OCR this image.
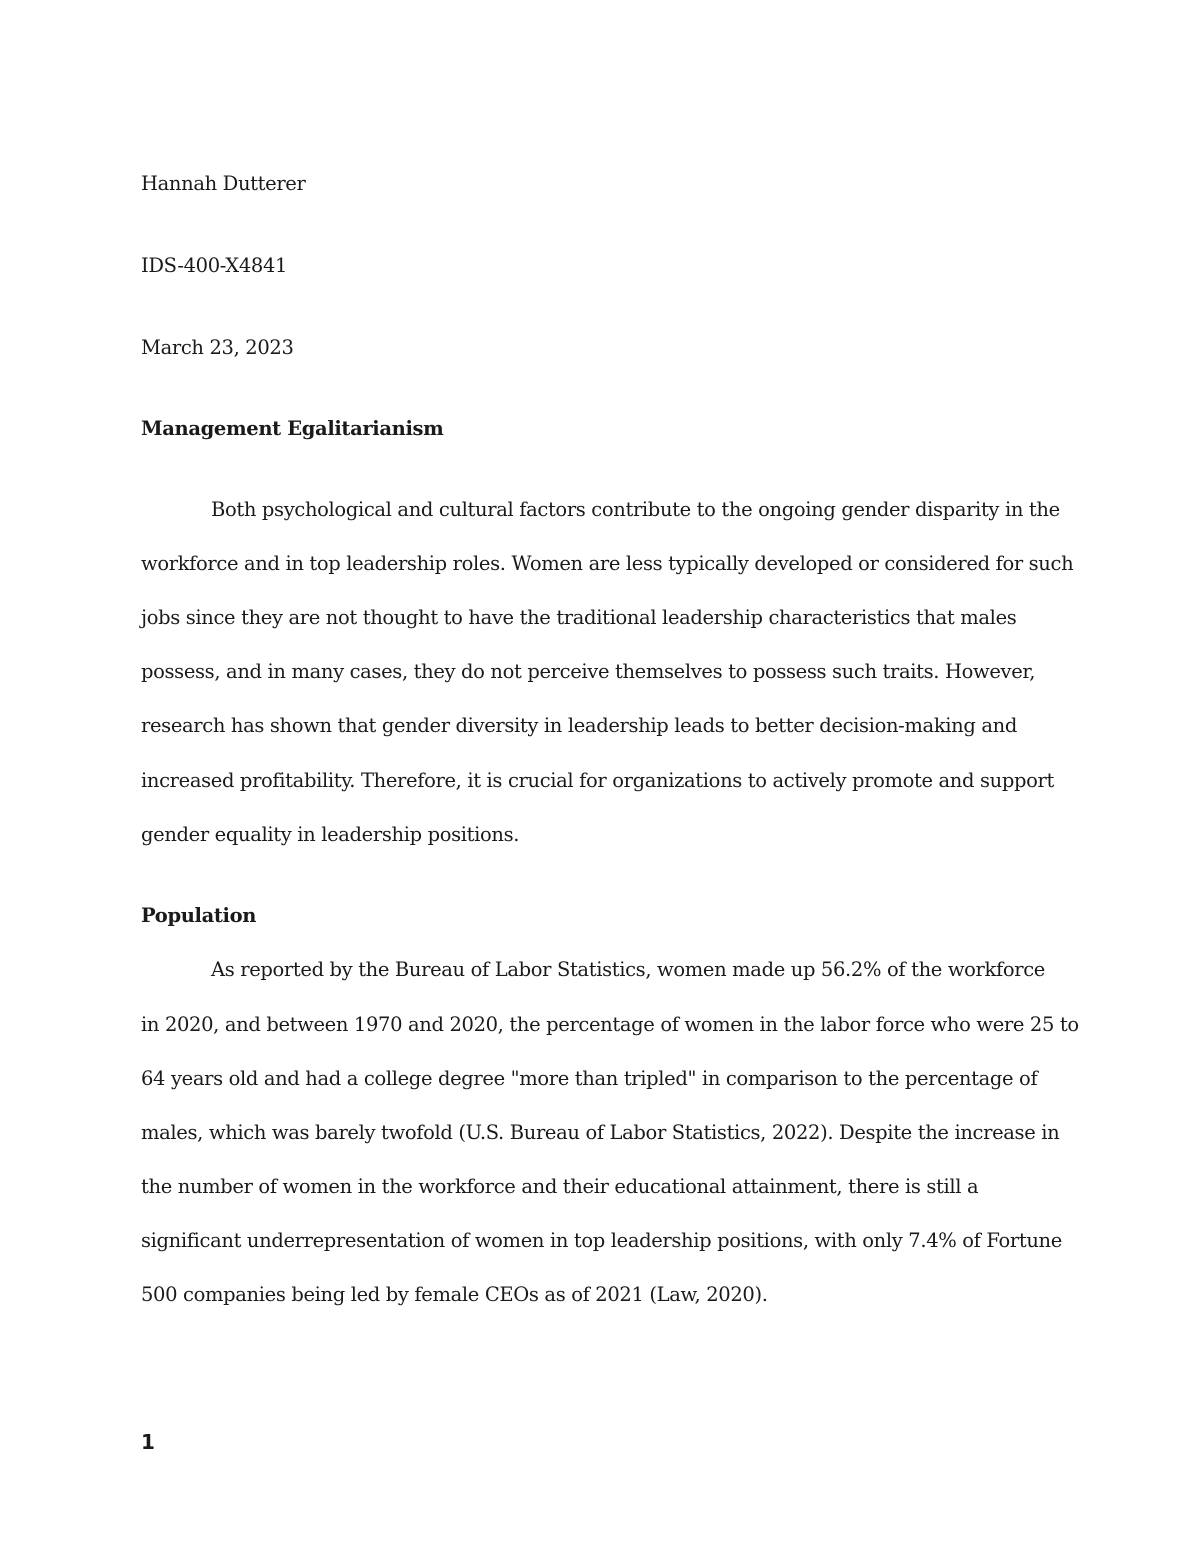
Hannah Dutterer
IDS-400-X4841
March 23, 2023
Management Egalitarianism
Both psychological and cultural factors contribute to the ongoing gender disparity in the
workforce and in top leadership roles. Women are less typically developed or considered for such
jobs since they are not thought to have the traditional leadership characteristics that males
possess, and in many cases, they do not perceive themselves to possess such traits. However,
research has shown that gender diversity in leadership leads to better decision-making and
increased profitability. Therefore, it is crucial for organizations to actively promote and support
gender equality in leadership positions.
Population
As reported by the Bureau of Labor Statistics, women made up 56.2% of the workforce
in 2020, and between 1970 and 2020, the percentage of women in the labor force who were 25 to
64 years old and had a college degree "more than tripled" in comparison to the percentage of
males, which was barely twofold (U.S. Bureau of Labor Statistics, 2022). Despite the increase in
the number of women in the workforce and their educational attainment, there is still a
significant underrepresentation of women in top leadership positions, with only 7.4% of Fortune
500 companies being led by female CEOs as of 2021 (Law, 2020).
1
